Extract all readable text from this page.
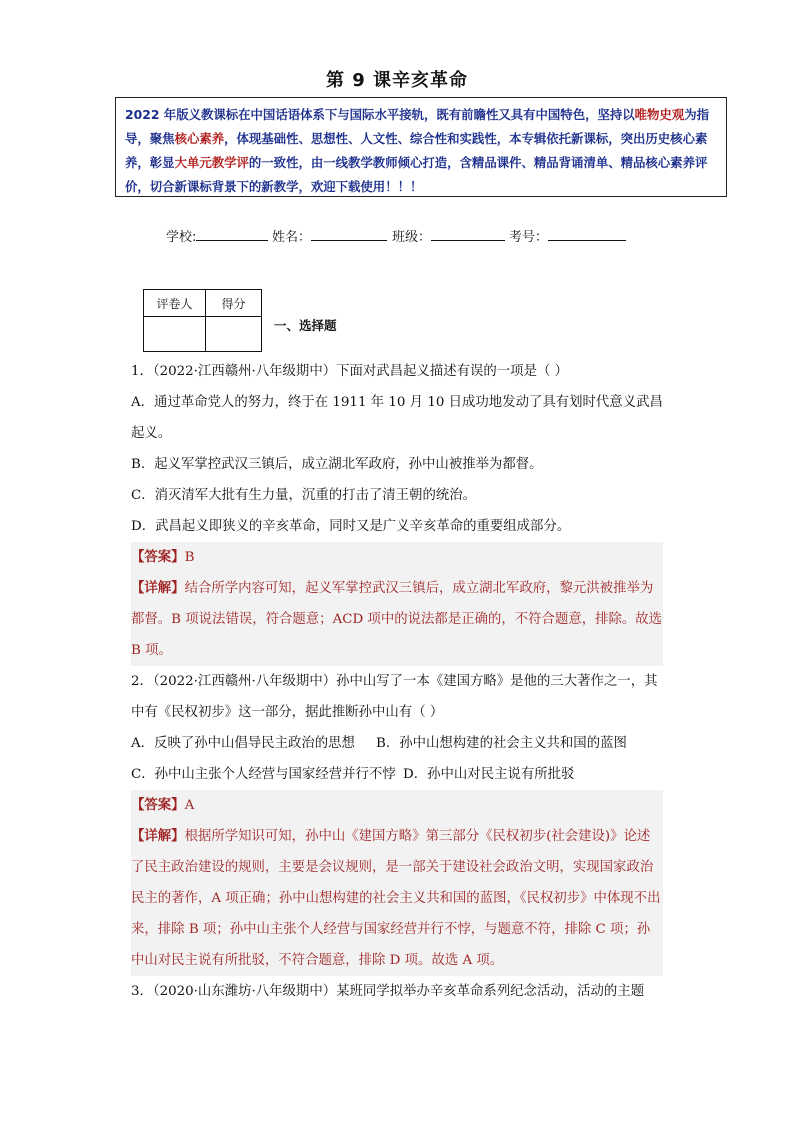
第 9 课辛亥革命
2022 年版义教课标在中国话语体系下与国际水平接轨，既有前瞻性又具有中国特色，坚持以唯物史观为指导，聚焦核心素养，体现基础性、思想性、人文性、综合性和实践性，本专辑依托新课标，突出历史核心素养，彰显大单元教学评的一致性，由一线教学教师倾心打造，含精品课件、精品背诵清单、精品核心素养评价，切合新课标背景下的新教学，欢迎下载使用！！！
学校:	姓名：	班级：	考号：
评卷人	得分

一、选择题

1．（2022·江西赣州·八年级期中）下面对武昌起义描述有误的一项是（ ）

A．通过革命党人的努力，终于在 1911 年 10 月 10 日成功地发动了具有划时代意义武昌起义。

B．起义军掌控武汉三镇后，成立湖北军政府，孙中山被推举为都督。

C．消灭清军大批有生力量，沉重的打击了清王朝的统治。

D．武昌起义即狭义的辛亥革命，同时又是广义辛亥革命的重要组成部分。

【答案】B

【详解】结合所学内容可知，起义军掌控武汉三镇后，成立湖北军政府，黎元洪被推举为都督。B 项说法错误，符合题意；ACD 项中的说法都是正确的，不符合题意，排除。故选 B 项。

2．（2022·江西赣州·八年级期中）孙中山写了一本《建国方略》是他的三大著作之一，其中有《民权初步》这一部分，据此推断孙中山有（ ）

A．反映了孙中山倡导民主政治的思想	B．孙中山想构建的社会主义共和国的蓝图
C．孙中山主张个人经营与国家经营并行不悖 D．孙中山对民主说有所批驳

【答案】A

【详解】根据所学知识可知，孙中山《建国方略》第三部分《民权初步(社会建设)》论述了民主政治建设的规则，主要是会议规则，是一部关于建设社会政治文明，实现国家政治民主的著作，A 项正确；孙中山想构建的社会主义共和国的蓝图，《民权初步》中体现不出来，排除 B 项；孙中山主张个人经营与国家经营并行不悖，与题意不符，排除 C 项；孙中山对民主说有所批驳，不符合题意，排除 D 项。故选 A 项。

3．（2020·山东潍坊·八年级期中）某班同学拟举办辛亥革命系列纪念活动，活动的主题
